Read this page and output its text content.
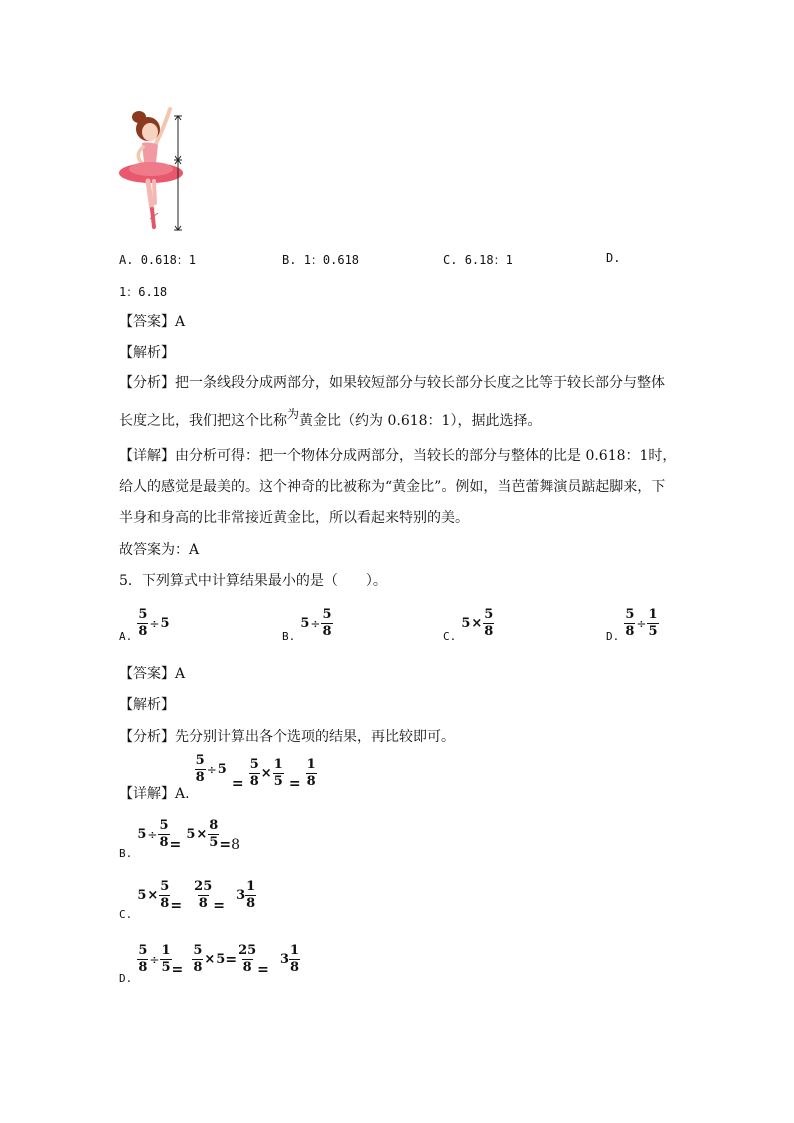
A. 0.618：1	B. 1：0.618	C. 6.18：1	D.
1：6.18
【答案】A
【解析】
【分析】把一条线段分成两部分，如果较短部分与较长部分长度之比等于较长部分与整体
长度之比，我们把这个比称为黄金比（约为 0.618：1），据此选择。
【详解】由分析可得：把一个物体分成两部分，当较长的部分与整体的比是 0.618：1时，
给人的感觉是最美的。这个神奇的比被称为“黄金比”。例如，当芭蕾舞演员踮起脚来，下
半身和身高的比非常接近黄金比，所以看起来特别的美。
故答案为：A
5．下列算式中计算结果最小的是（　　）。
$_{A.} \frac{5}{8} \div 5$
$_{B.}$ $5\div \frac{5}{8}$	$_{C.}$ $5\times \frac{5}{8}$	$_{D.} \frac{5}{8} \div \frac{1}{5}$
【答案】A
【解析】
【分析】先分别计算出各个选项的结果，再比较即可。
【详解】A.
$\frac{5}{8} ^{\div 5} = \frac{5}{8} ^\times \frac{1}{5} = \frac{1}{8}$
$_{B.}$ $^{5\div} \frac{5}{8} = ^{5\times} \frac{8}{5} =8$
$_{C.}$ $^{5\times} \frac{5}{8} = \frac{25}{8} = ^3 \frac{1}{8}$
$_{D.}$
$\frac{5}{8} ^\div \frac{1}{5} = \frac{5}{8} ^{\times 5}= \frac{25}{8} = ^3 \frac{1}{8}$
